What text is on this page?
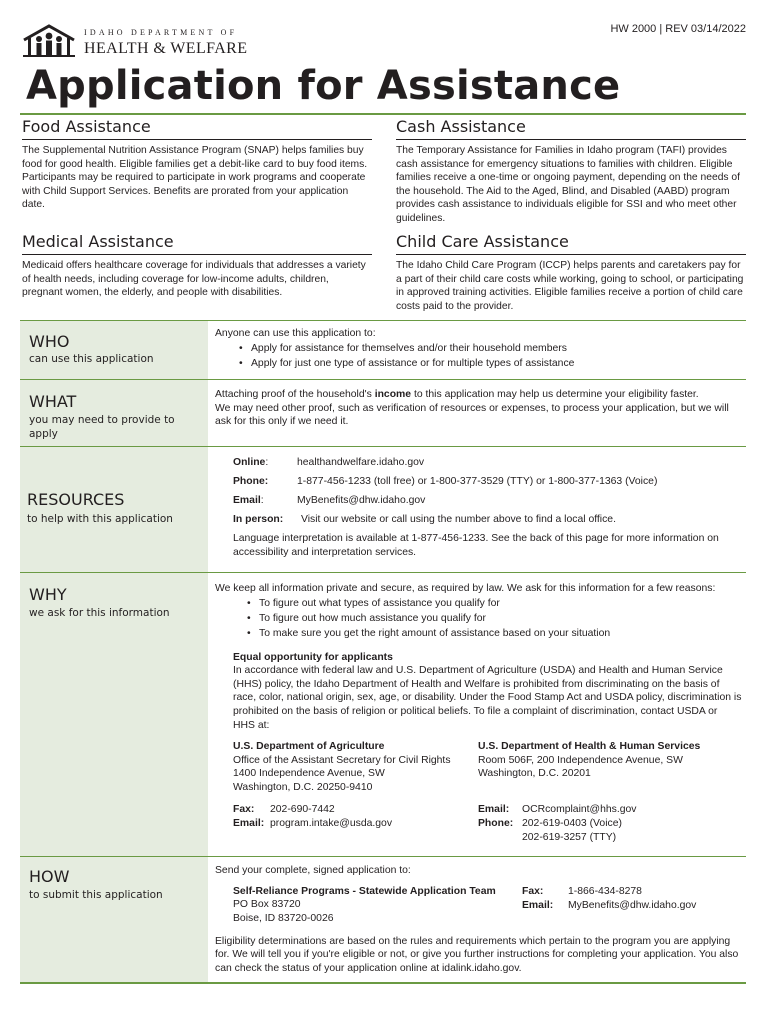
IDAHO DEPARTMENT OF
HEALTH & WELFARE
HW 2000 | REV 03/14/2022
Application for Assistance
Food Assistance

The Supplemental Nutrition Assistance Program (SNAP) helps families buy food for good health. Eligible families get a debit-like card to buy food items. Participants may be required to participate in work programs and cooperate with Child Support Services. Benefits are prorated from your application date.

Cash Assistance

The Temporary Assistance for Families in Idaho program (TAFI) provides cash assistance for emergency situations to families with children. Eligible families receive a one-time or ongoing payment, depending on the needs of the household. The Aid to the Aged, Blind, and Disabled (AABD) program provides cash assistance to individuals eligible for SSI and who meet other guidelines.

Medical Assistance

Medicaid offers healthcare coverage for individuals that addresses a variety of health needs, including coverage for low-income adults, children, pregnant women, the elderly, and people with disabilities.

Child Care Assistance

The Idaho Child Care Program (ICCP) helps parents and caretakers pay for a part of their child care costs while working, going to school, or participating in approved training activities. Eligible families receive a portion of child care costs paid to the provider.

WHO
can use this application
Anyone can use this application to:
• Apply for assistance for themselves and/or their household members
• Apply for just one type of assistance or for multiple types of assistance
WHAT
you may need to provide to apply
Attaching proof of the household's income to this application may help us determine your eligibility faster.
We may need other proof, such as verification of resources or expenses, to process your application, but we will ask for this only if we need it.
RESOURCES
to help with this application
Online:	healthandwelfare.idaho.gov
Phone:	1-877-456-1233 (toll free) or 1-800-377-3529 (TTY) or 1-800-377-1363 (Voice)
Email:	MyBenefits@dhw.idaho.gov
In person: Visit our website or call using the number above to find a local office.
Language interpretation is available at 1-877-456-1233. See the back of this page for more information on accessibility and interpretation services.
WHY
we ask for this information
We keep all information private and secure, as required by law. We ask for this information for a few reasons:
• To figure out what types of assistance you qualify for
• To figure out how much assistance you qualify for
• To make sure you get the right amount of assistance based on your situation
Equal opportunity for applicants
In accordance with federal law and U.S. Department of Agriculture (USDA) and Health and Human Service (HHS) policy, the Idaho Department of Health and Welfare is prohibited from discriminating on the basis of race, color, national origin, sex, age, or disability. Under the Food Stamp Act and USDA policy, discrimination is prohibited on the basis of religion or political beliefs. To file a complaint of discrimination, contact USDA or HHS at:
U.S. Department of Agriculture
Office of the Assistant Secretary for Civil Rights
1400 Independence Avenue, SW
Washington, D.C. 20250-9410
Fax: 202-690-7442
Email: program.intake@usda.gov
U.S. Department of Health & Human Services
Room 506F, 200 Independence Avenue, SW
Washington, D.C. 20201
Email: OCRcomplaint@hhs.gov
Phone: 202-619-0403 (Voice)
202-619-3257 (TTY)
HOW
to submit this application
Send your complete, signed application to:
Self-Reliance Programs - Statewide Application Team
PO Box 83720
Boise, ID 83720-0026
Fax: 1-866-434-8278
Email: MyBenefits@dhw.idaho.gov
Eligibility determinations are based on the rules and requirements which pertain to the program you are applying for. We will tell you if you're eligible or not, or give you further instructions for completing your application. You also can check the status of your application online at idalink.idaho.gov.
